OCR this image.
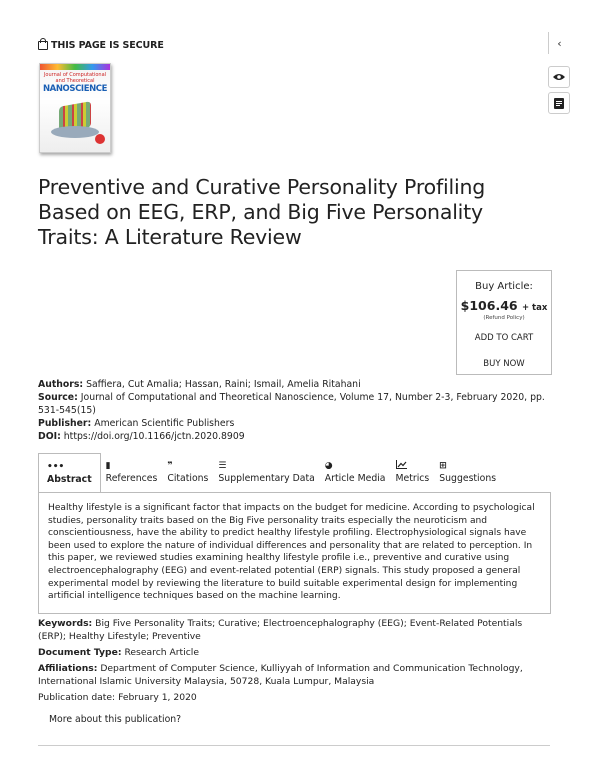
THIS PAGE IS SECURE	‹
Journal of Computational and Theoretical
NANOSCIENCE
Preventive and Curative Personality Profiling Based on EEG, ERP, and Big Five Personality Traits: A Literature Review
Buy Article:
$106.46 + tax
(Refund Policy)
ADD TO CART
BUY NOW
Authors: Saffiera, Cut Amalia; Hassan, Raini; Ismail, Amelia Ritahani
Source: Journal of Computational and Theoretical Nanoscience, Volume 17, Number 2-3, February 2020, pp. 531-545(15)
Publisher: American Scientific Publishers
DOI: https://doi.org/10.1166/jctn.2020.8909
•••
Abstract
▮
References
❞
Citations
☰
Supplementary Data
◕
Article Media Metrics
⊞
Suggestions
Healthy lifestyle is a significant factor that impacts on the budget for medicine. According to psychological studies, personality traits based on the Big Five personality traits especially the neuroticism and conscientiousness, have the ability to predict healthy lifestyle profiling. Electrophysiological signals have been used to explore the nature of individual differences and personality that are related to perception. In this paper, we reviewed studies examining healthy lifestyle profile i.e., preventive and curative using electroencephalography (EEG) and event-related potential (ERP) signals. This study proposed a general experimental model by reviewing the literature to build suitable experimental design for implementing artificial intelligence techniques based on the machine learning.

Keywords: Big Five Personality Traits; Curative; Electroencephalography (EEG); Event-Related Potentials (ERP); Healthy Lifestyle; Preventive

Document Type: Research Article

Affiliations: Department of Computer Science, Kulliyyah of Information and Communication Technology, International Islamic University Malaysia, 50728, Kuala Lumpur, Malaysia

Publication date: February 1, 2020

More about this publication?
